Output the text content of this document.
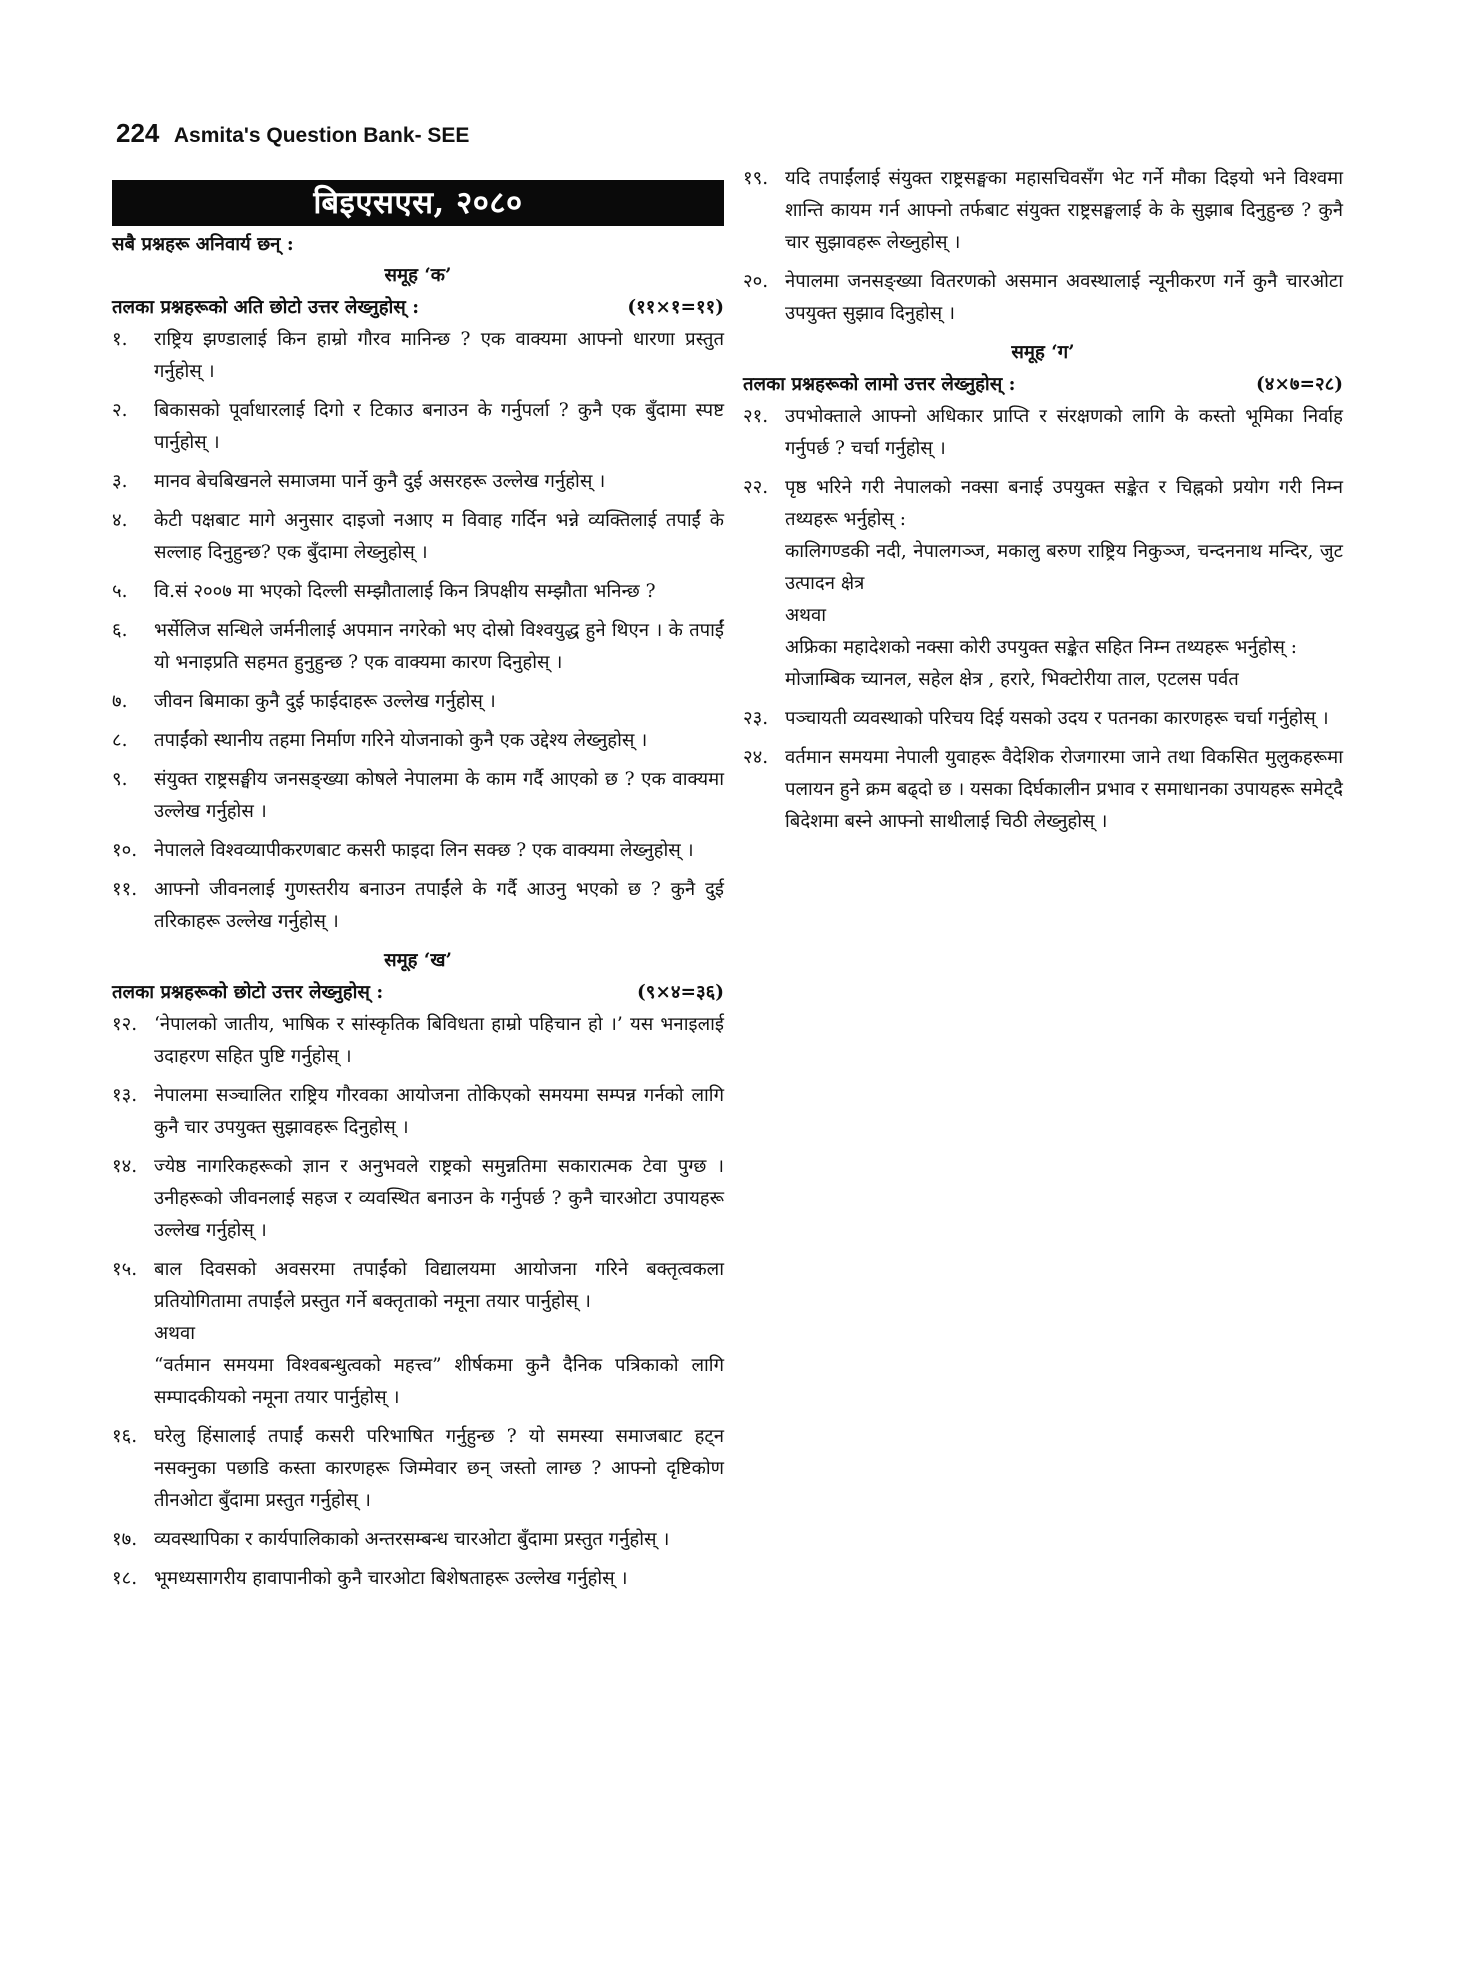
224 Asmita's Question Bank- SEE
बिइएसएस, २०८०
सबै प्रश्नहरू अनिवार्य छन् :
समूह ‘क’
तलका प्रश्नहरूको अति छोटो उत्तर लेख्नुहोस् :	(११×१=११)
१.	राष्ट्रिय झण्डालाई किन हाम्रो गौरव मानिन्छ ? एक वाक्यमा आफ्नो धारणा प्रस्तुत गर्नुहोस् ।
२.	बिकासको पूर्वाधारलाई दिगो र टिकाउ बनाउन के गर्नुपर्ला ? कुनै एक बुँदामा स्पष्ट पार्नुहोस् ।
३.	मानव बेचबिखनले समाजमा पार्ने कुनै दुई असरहरू उल्लेख गर्नुहोस् ।
४.	केटी पक्षबाट मागे अनुसार दाइजो नआए म विवाह गर्दिन भन्ने व्यक्तिलाई तपाईं के सल्लाह दिनुहुन्छ? एक बुँदामा लेख्नुहोस् ।
५.	वि.सं २००७ मा भएको दिल्ली सम्झौतालाई किन त्रिपक्षीय सम्झौता भनिन्छ ?
६.	भर्सेलिज सन्धिले जर्मनीलाई अपमान नगरेको भए दोस्रो विश्वयुद्ध हुने थिएन । के तपाईं यो भनाइप्रति सहमत हुनुहुन्छ ? एक वाक्यमा कारण दिनुहोस् ।
७.	जीवन बिमाका कुनै दुई फाईदाहरू उल्लेख गर्नुहोस् ।
८.	तपाईंको स्थानीय तहमा निर्माण गरिने योजनाको कुनै एक उद्देश्य लेख्नुहोस् ।
९.	संयुक्त राष्ट्रसङ्घीय जनसङ्ख्या कोषले नेपालमा के काम गर्दै आएको छ ? एक वाक्यमा उल्लेख गर्नुहोस ।
१०. नेपालले विश्वव्यापीकरणबाट कसरी फाइदा लिन सक्छ ? एक वाक्यमा लेख्नुहोस् ।
११. आफ्नो जीवनलाई गुणस्तरीय बनाउन तपाईंले के गर्दै आउनु भएको छ ? कुनै दुई तरिकाहरू उल्लेख गर्नुहोस् ।
समूह ‘ख’
तलका प्रश्नहरूको छोटो उत्तर लेख्नुहोस् :	(९×४=३६)
१२. ‘नेपालको जातीय, भाषिक र सांस्कृतिक बिविधता हाम्रो पहिचान हो ।’ यस भनाइलाई उदाहरण सहित पुष्टि गर्नुहोस् ।
१३. नेपालमा सञ्चालित राष्ट्रिय गौरवका आयोजना तोकिएको समयमा सम्पन्न गर्नको लागि कुनै चार उपयुक्त सुझावहरू दिनुहोस् ।
१४. ज्येष्ठ नागरिकहरूको ज्ञान र अनुभवले राष्ट्रको समुन्नतिमा सकारात्मक टेवा पुग्छ । उनीहरूको जीवनलाई सहज र व्यवस्थित बनाउन के गर्नुपर्छ ? कुनै चारओटा उपायहरू उल्लेख गर्नुहोस् ।
१५. बाल दिवसको अवसरमा तपाईंको विद्यालयमा आयोजना गरिने बक्तृत्वकला प्रतियोगितामा तपाईंले प्रस्तुत गर्ने बक्तृताको नमूना तयार पार्नुहोस् ।
अथवा
“वर्तमान समयमा विश्वबन्धुत्वको महत्त्व” शीर्षकमा कुनै दैनिक पत्रिकाको लागि सम्पादकीयको नमूना तयार पार्नुहोस् ।
१६. घरेलु हिंसालाई तपाईं कसरी परिभाषित गर्नुहुन्छ ? यो समस्या समाजबाट हट्न नसक्नुका पछाडि कस्ता कारणहरू जिम्मेवार छन् जस्तो लाग्छ ? आफ्नो दृष्टिकोण तीनओटा बुँदामा प्रस्तुत गर्नुहोस् ।
१७. व्यवस्थापिका र कार्यपालिकाको अन्तरसम्बन्ध चारओटा बुँदामा प्रस्तुत गर्नुहोस् ।
१८. भूमध्यसागरीय हावापानीको कुनै चारओटा बिशेषताहरू उल्लेख गर्नुहोस् ।
१९. यदि तपाईंलाई संयुक्त राष्ट्रसङ्घका महासचिवसँग भेट गर्ने मौका दिइयो भने विश्वमा शान्ति कायम गर्न आफ्नो तर्फबाट संयुक्त राष्ट्रसङ्घलाई के के सुझाब दिनुहुन्छ ? कुनै चार सुझावहरू लेख्नुहोस् ।
२०. नेपालमा जनसङ्ख्या वितरणको असमान अवस्थालाई न्यूनीकरण गर्ने कुनै चारओटा उपयुक्त सुझाव दिनुहोस् ।
समूह ‘ग’
तलका प्रश्नहरूको लामो उत्तर लेख्नुहोस् :	(४×७=२८)
२१. उपभोक्ताले आफ्नो अधिकार प्राप्ति र संरक्षणको लागि के कस्तो भूमिका निर्वाह गर्नुपर्छ ? चर्चा गर्नुहोस् ।
२२. पृष्ठ भरिने गरी नेपालको नक्सा बनाई उपयुक्त सङ्केत र चिह्नको प्रयोग गरी निम्न तथ्यहरू भर्नुहोस् :
कालिगण्डकी नदी, नेपालगञ्ज, मकालु बरुण राष्ट्रिय निकुञ्ज, चन्दननाथ मन्दिर, जुट उत्पादन क्षेत्र
अथवा
अफ्रिका महादेशको नक्सा कोरी उपयुक्त सङ्केत सहित निम्न तथ्यहरू भर्नुहोस् :
मोजाम्बिक च्यानल, सहेल क्षेत्र , हरारे, भिक्टोरीया ताल, एटलस पर्वत
२३. पञ्चायती व्यवस्थाको परिचय दिई यसको उदय र पतनका कारणहरू चर्चा गर्नुहोस् ।
२४. वर्तमान समयमा नेपाली युवाहरू वैदेशिक रोजगारमा जाने तथा विकसित मुलुकहरूमा पलायन हुने क्रम बढ्दो छ । यसका दिर्घकालीन प्रभाव र समाधानका उपायहरू समेट्दै बिदेशमा बस्ने आफ्नो साथीलाई चिठी लेख्नुहोस् ।
